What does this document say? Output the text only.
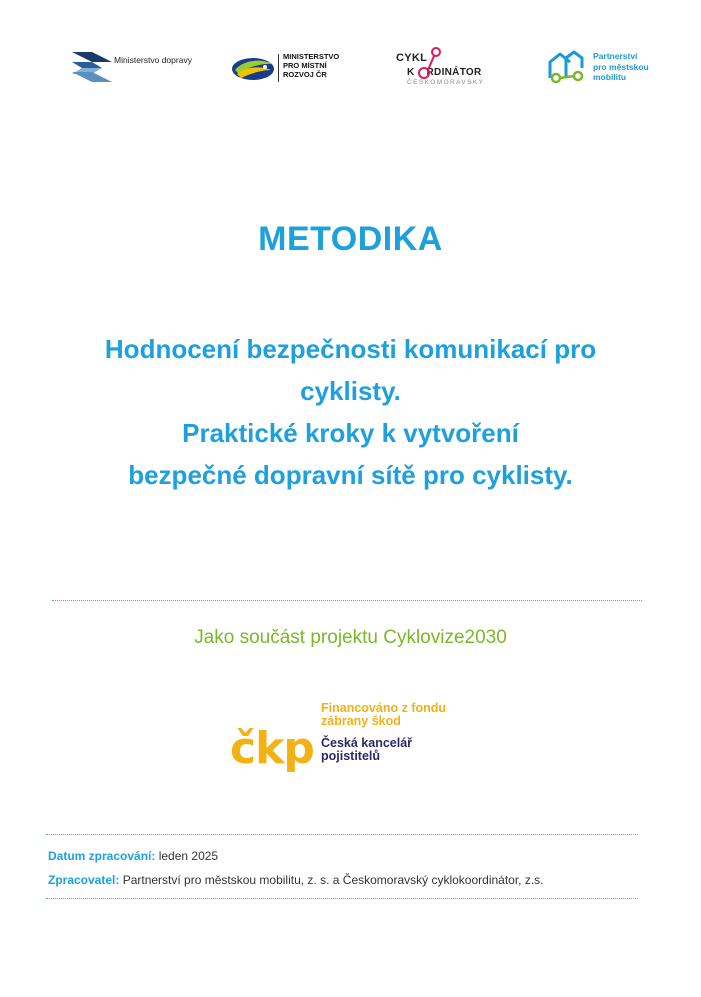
Ministerstvo dopravy	MINISTERSTVO
PRO MÍSTNÍ
ROZVOJ ČR
CYKL
K RDINÁTOR
ČESKOMORAVSKÝ
Partnerství
pro městskou
mobilitu
METODIKA
Hodnocení bezpečnosti komunikací pro
cyklisty.
Praktické kroky k vytvoření
bezpečné dopravní sítě pro cyklisty.
Jako součást projektu Cyklovize2030
čkp
Financováno z fondu
zábrany škod
Česká kancelář
pojistitelů
Datum zpracování: leden 2025
Zpracovatel: Partnerství pro městskou mobilitu, z. s. a Českomoravský cyklokoordinátor, z.s.
